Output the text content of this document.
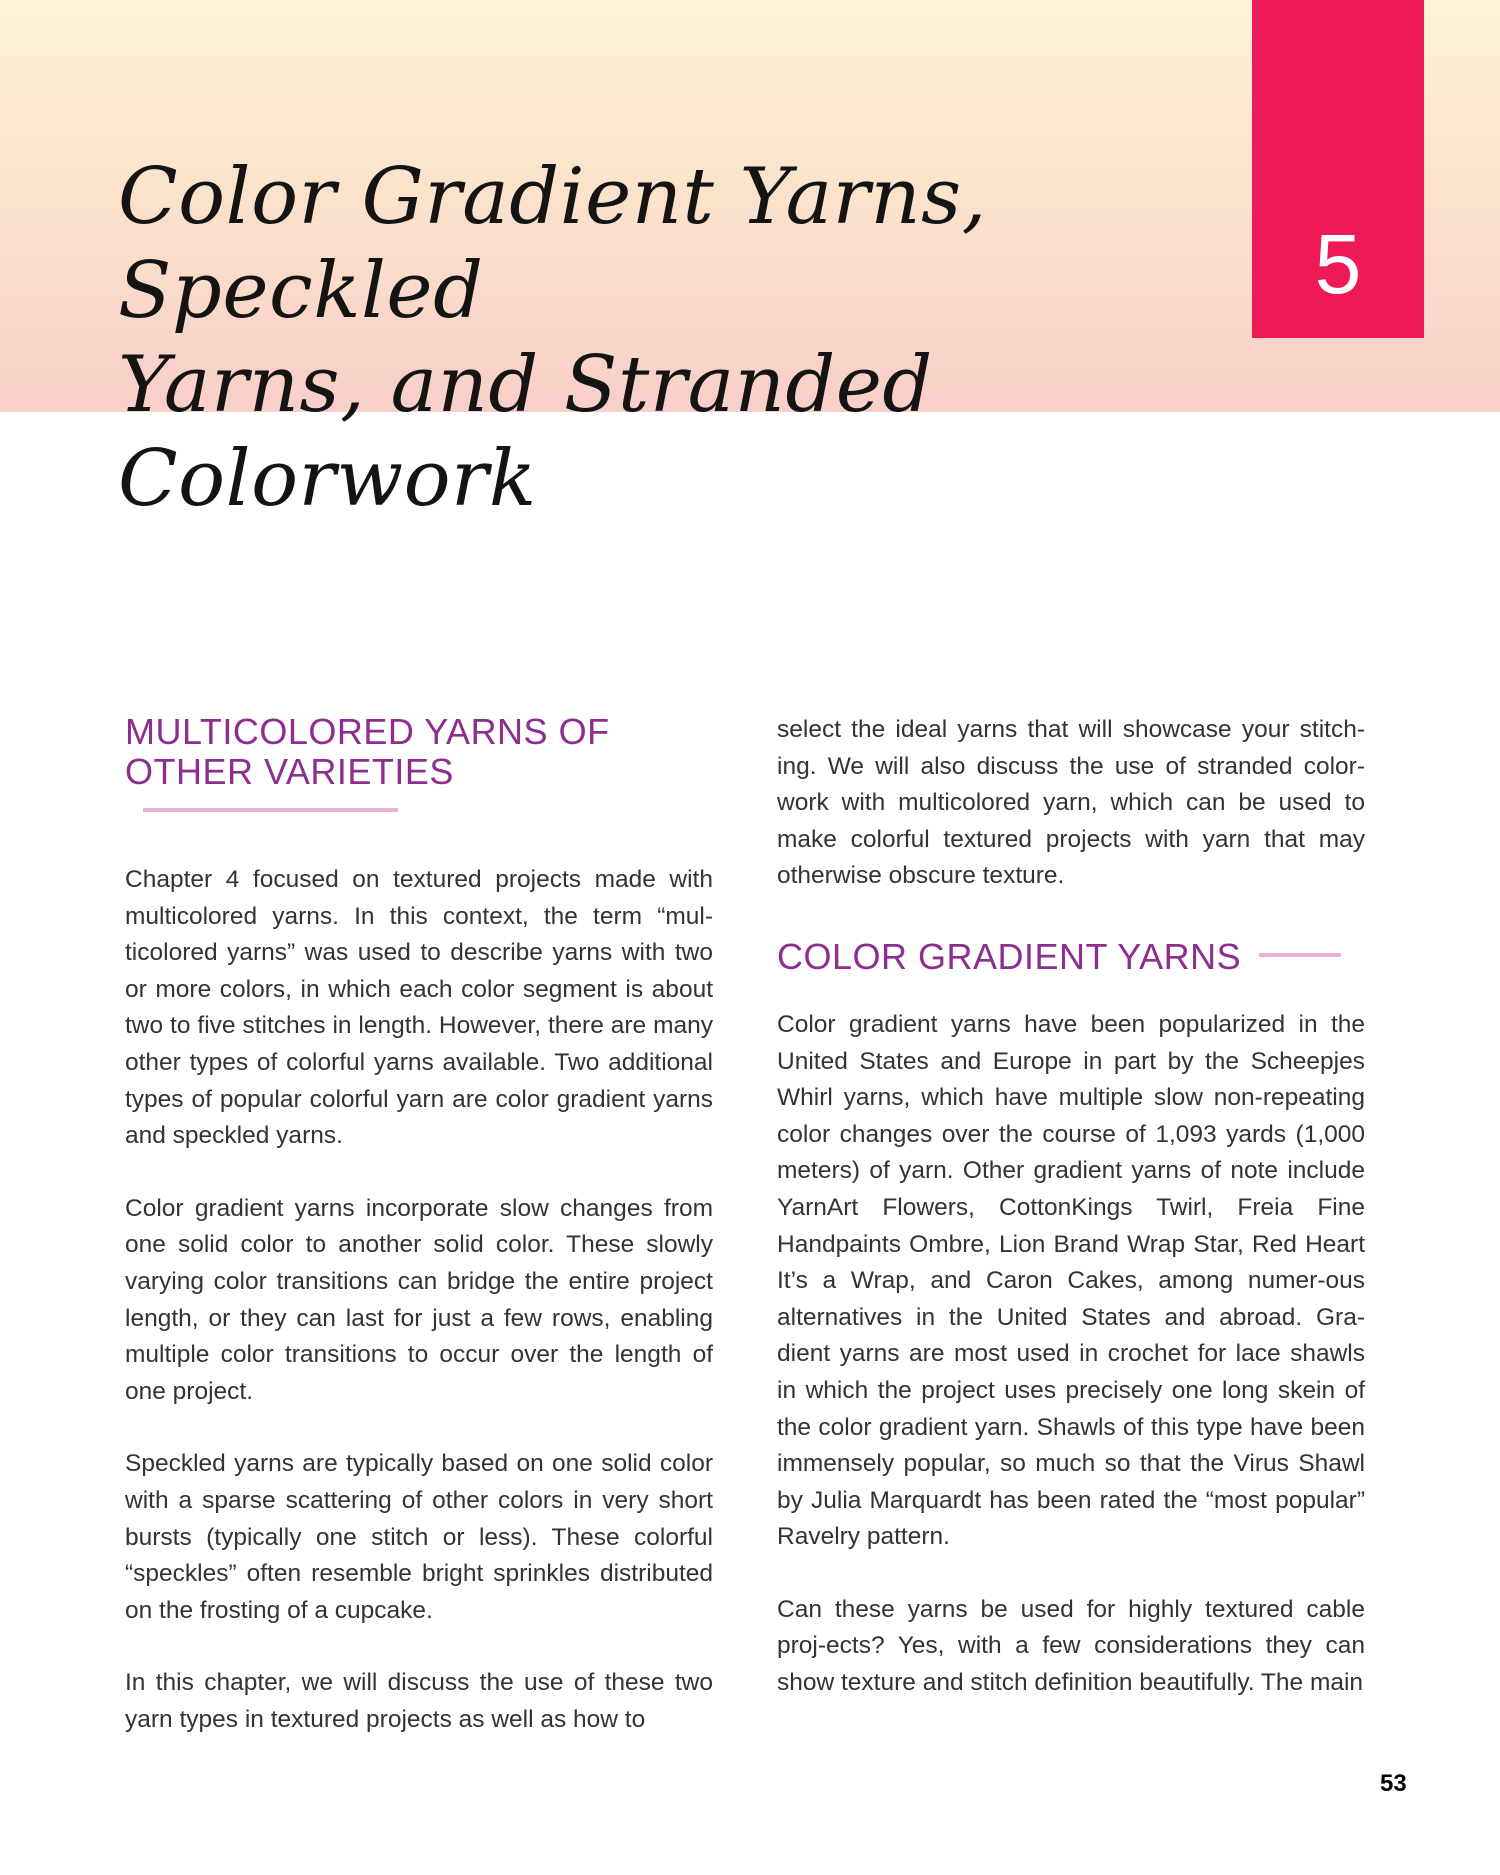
Color Gradient Yarns, Speckled
Yarns, and Stranded Colorwork
5
MULTICOLORED YARNS OF
OTHER VARIETIES

Chapter 4 focused on textured projects made with multicolored yarns. In this context, the term “mul-ticolored yarns” was used to describe yarns with two or more colors, in which each color segment is about two to five stitches in length. However, there are many other types of colorful yarns available. Two additional types of popular colorful yarn are color gradient yarns and speckled yarns.

Color gradient yarns incorporate slow changes from one solid color to another solid color. These slowly varying color transitions can bridge the entire project length, or they can last for just a few rows, enabling multiple color transitions to occur over the length of one project.

Speckled yarns are typically based on one solid color with a sparse scattering of other colors in very short bursts (typically one stitch or less). These colorful “speckles” often resemble bright sprinkles distributed on the frosting of a cupcake.

In this chapter, we will discuss the use of these two yarn types in textured projects as well as how to

select the ideal yarns that will showcase your stitch-ing. We will also discuss the use of stranded color-work with multicolored yarn, which can be used to make colorful textured projects with yarn that may otherwise obscure texture.

COLOR GRADIENT YARNS

Color gradient yarns have been popularized in the United States and Europe in part by the Scheepjes Whirl yarns, which have multiple slow non-repeating color changes over the course of 1,093 yards (1,000 meters) of yarn. Other gradient yarns of note include YarnArt Flowers, CottonKings Twirl, Freia Fine Handpaints Ombre, Lion Brand Wrap Star, Red Heart It’s a Wrap, and Caron Cakes, among numer-ous alternatives in the United States and abroad. Gra-dient yarns are most used in crochet for lace shawls in which the project uses precisely one long skein of the color gradient yarn. Shawls of this type have been immensely popular, so much so that the Virus Shawl by Julia Marquardt has been rated the “most popular” Ravelry pattern.

Can these yarns be used for highly textured cable proj-ects? Yes, with a few considerations they can show texture and stitch definition beautifully. The main

53
